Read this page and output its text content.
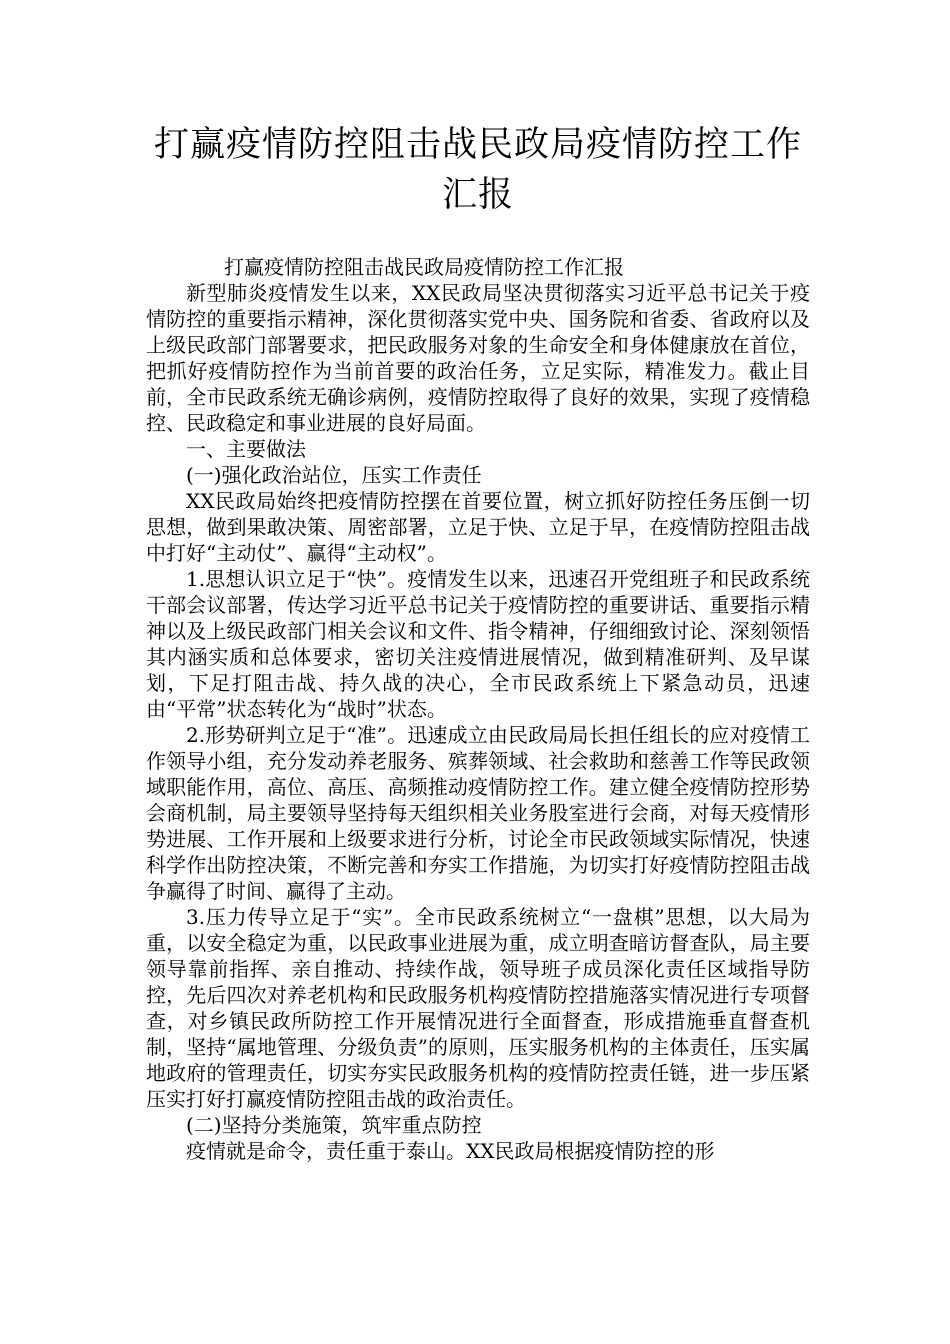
打赢疫情防控阻击战民政局疫情防控工作汇报

打赢疫情防控阻击战民政局疫情防控工作汇报

新型肺炎疫情发生以来，XX民政局坚决贯彻落实习近平总书记关于疫情防控的重要指示精神，深化贯彻落实党中央、国务院和省委、省政府以及上级民政部门部署要求，把民政服务对象的生命安全和身体健康放在首位，把抓好疫情防控作为当前首要的政治任务，立足实际，精准发力。截止目前，全市民政系统无确诊病例，疫情防控取得了良好的效果，实现了疫情稳控、民政稳定和事业进展的良好局面。

一、主要做法

(一)强化政治站位，压实工作责任

XX民政局始终把疫情防控摆在首要位置，树立抓好防控任务压倒一切思想，做到果敢决策、周密部署，立足于快、立足于早，在疫情防控阻击战中打好“主动仗”、赢得“主动权”。

1.思想认识立足于“快”。疫情发生以来，迅速召开党组班子和民政系统干部会议部署，传达学习近平总书记关于疫情防控的重要讲话、重要指示精神以及上级民政部门相关会议和文件、指令精神，仔细细致讨论、深刻领悟其内涵实质和总体要求，密切关注疫情进展情况，做到精准研判、及早谋划，下足打阻击战、持久战的决心，全市民政系统上下紧急动员，迅速由“平常”状态转化为“战时”状态。

2.形势研判立足于“准”。迅速成立由民政局局长担任组长的应对疫情工作领导小组，充分发动养老服务、殡葬领域、社会救助和慈善工作等民政领域职能作用，高位、高压、高频推动疫情防控工作。建立健全疫情防控形势会商机制，局主要领导坚持每天组织相关业务股室进行会商，对每天疫情形势进展、工作开展和上级要求进行分析，讨论全市民政领域实际情况，快速科学作出防控决策，不断完善和夯实工作措施，为切实打好疫情防控阻击战争赢得了时间、赢得了主动。

3.压力传导立足于“实”。全市民政系统树立“一盘棋”思想，以大局为重，以安全稳定为重，以民政事业进展为重，成立明查暗访督查队，局主要领导靠前指挥、亲自推动、持续作战，领导班子成员深化责任区域指导防控，先后四次对养老机构和民政服务机构疫情防控措施落实情况进行专项督查，对乡镇民政所防控工作开展情况进行全面督查，形成措施垂直督查机制，坚持“属地管理、分级负责”的原则，压实服务机构的主体责任，压实属地政府的管理责任，切实夯实民政服务机构的疫情防控责任链，进一步压紧压实打好打赢疫情防控阻击战的政治责任。

(二)坚持分类施策，筑牢重点防控

疫情就是命令，责任重于泰山。XX民政局根据疫情防控的形
